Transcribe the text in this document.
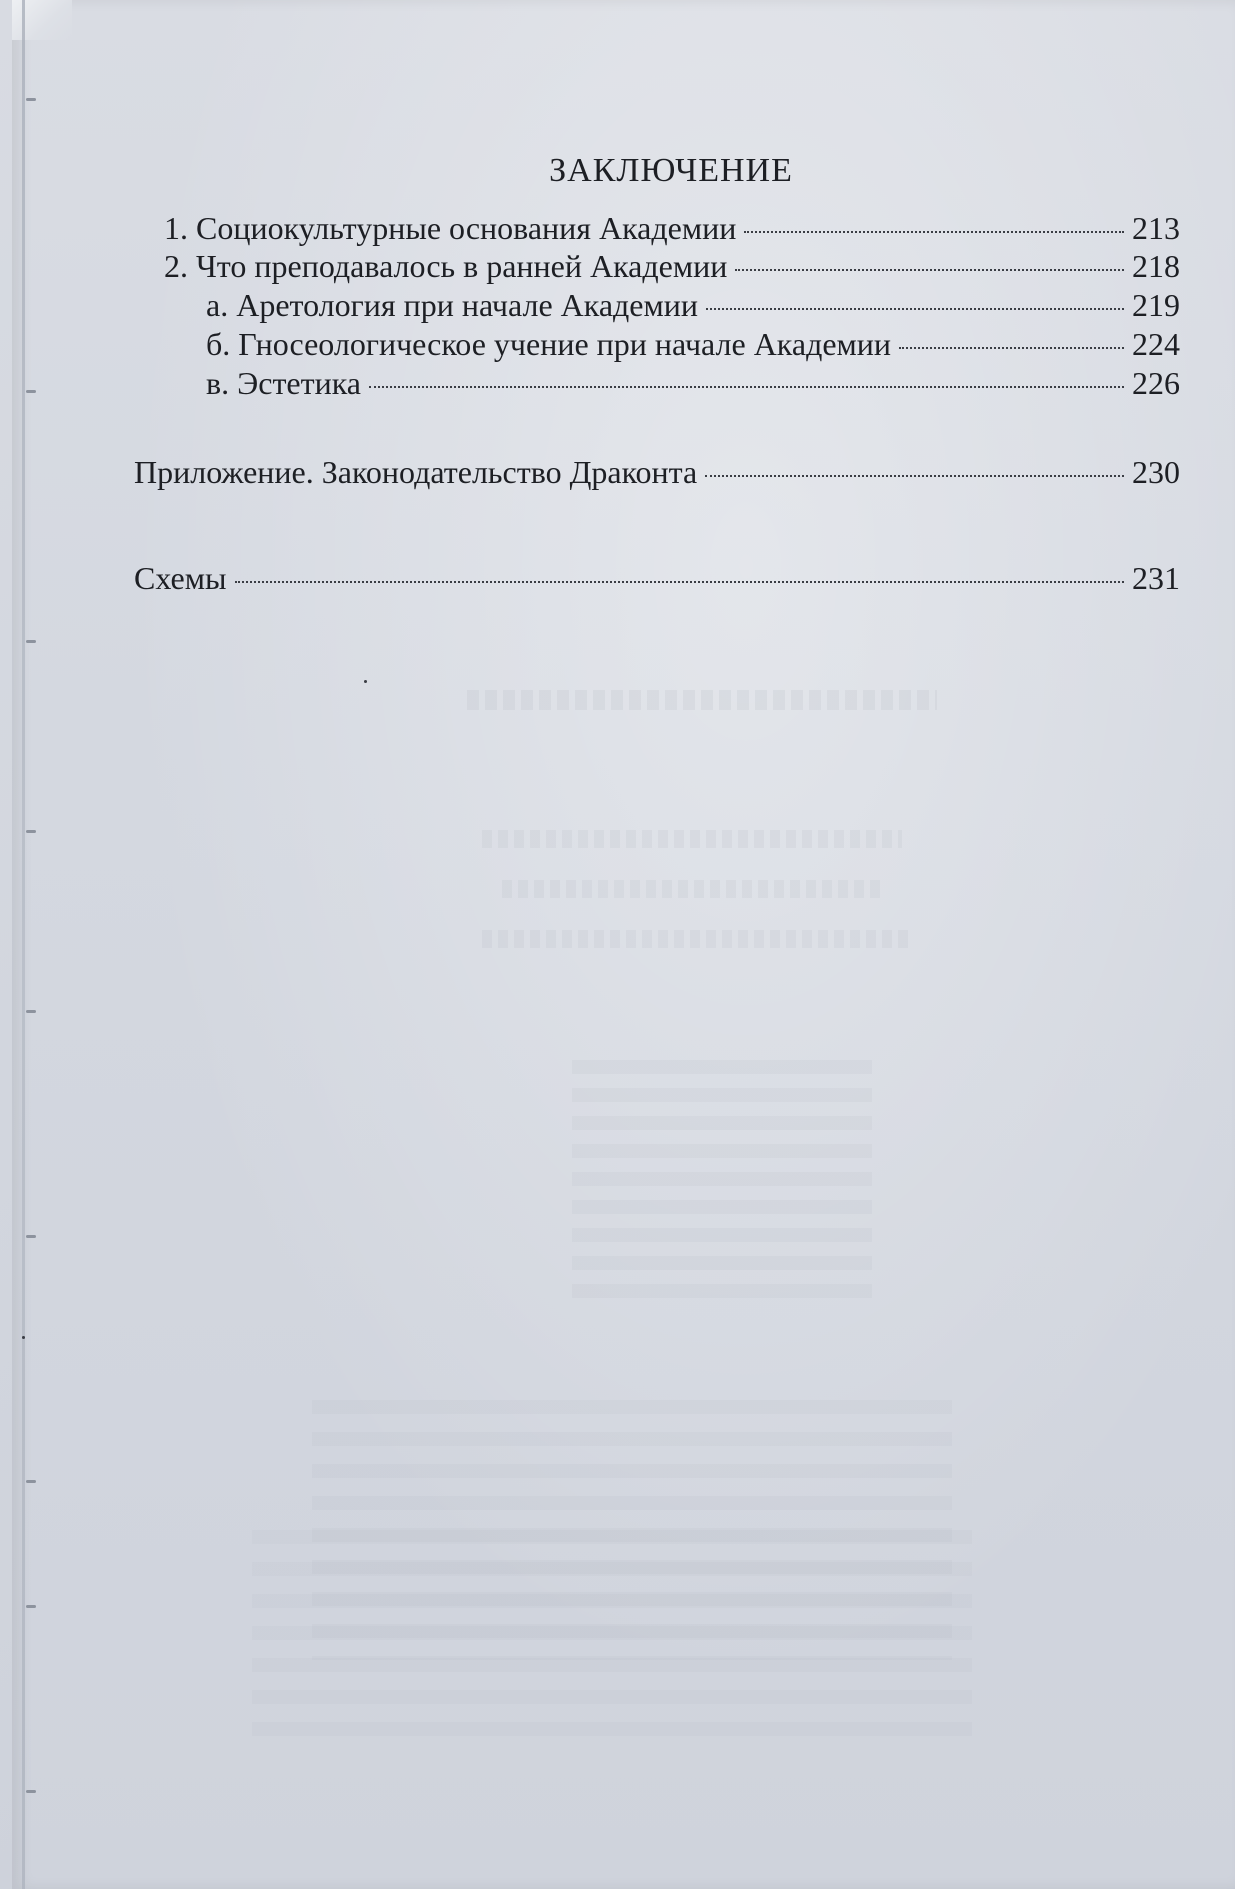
ЗАКЛЮЧЕНИЕ
1. Социокультурные основания Академии	213
2. Что преподавалось в ранней Академии	218
а. Аретология при начале Академии	219
б. Гносеологическое учение при начале Академии	224
в. Эстетика	226
Приложение. Законодательство Драконта	230
Схемы	231
